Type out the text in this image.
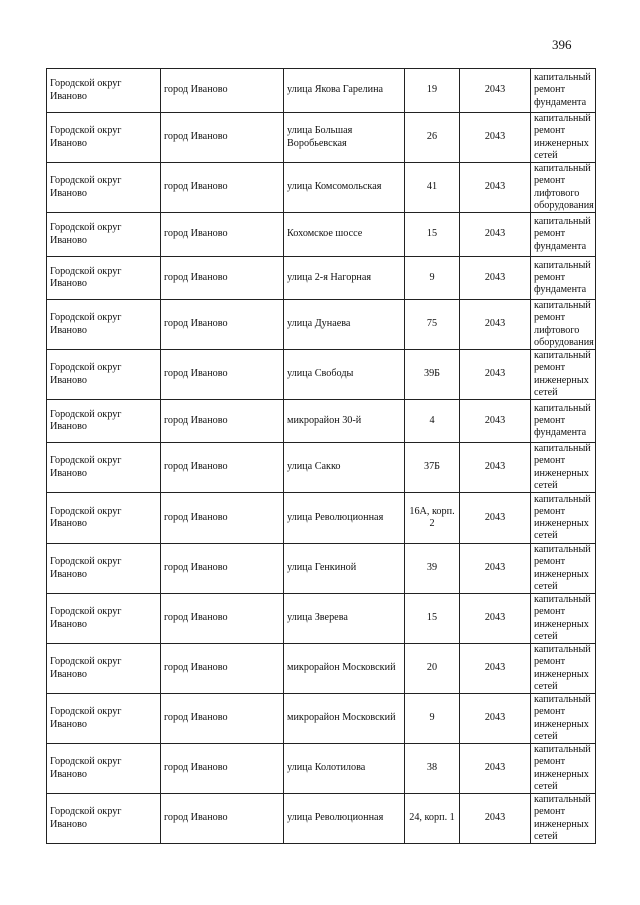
396
Городской округ Иваново	город Иваново	улица Якова Гарелина	19	2043	капитальный ремонт фундамента
Городской округ Иваново	город Иваново	улица Большая Воробьевская	26	2043	капитальный ремонт инженерных сетей
Городской округ Иваново	город Иваново	улица Комсомольская	41	2043	капитальный ремонт лифтового оборудования
Городской округ Иваново	город Иваново	Кохомское шоссе	15	2043	капитальный ремонт фундамента
Городской округ Иваново	город Иваново	улица 2-я Нагорная	9	2043	капитальный ремонт фундамента
Городской округ Иваново	город Иваново	улица Дунаева	75	2043	капитальный ремонт лифтового оборудования
Городской округ Иваново	город Иваново	улица Свободы	39Б	2043	капитальный ремонт инженерных сетей
Городской округ Иваново	город Иваново	микрорайон 30-й	4	2043	капитальный ремонт фундамента
Городской округ Иваново	город Иваново	улица Сакко	37Б	2043	капитальный ремонт инженерных сетей
Городской округ Иваново	город Иваново	улица Революционная	16А, корп. 2	2043	капитальный ремонт инженерных сетей
Городской округ Иваново	город Иваново	улица Генкиной	39	2043	капитальный ремонт инженерных сетей
Городской округ Иваново	город Иваново	улица Зверева	15	2043	капитальный ремонт инженерных сетей
Городской округ Иваново	город Иваново	микрорайон Московский	20	2043	капитальный ремонт инженерных сетей
Городской округ Иваново	город Иваново	микрорайон Московский	9	2043	капитальный ремонт инженерных сетей
Городской округ Иваново	город Иваново	улица Колотилова	38	2043	капитальный ремонт инженерных сетей
Городской округ Иваново	город Иваново	улица Революционная	24, корп. 1	2043	капитальный ремонт инженерных сетей
